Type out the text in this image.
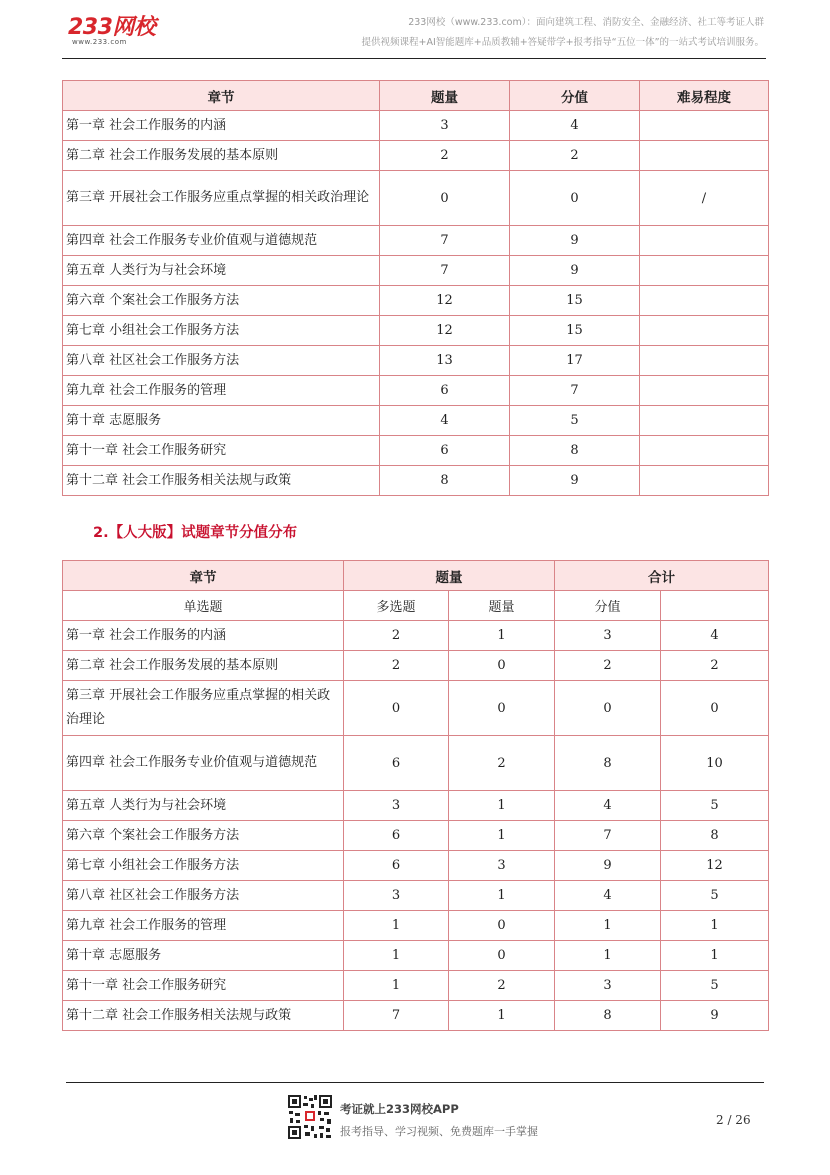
233网校
www.233.com
233网校（www.233.com）：面向建筑工程、消防安全、金融经济、社工等考证人群
提供视频课程+AI智能题库+品质教辅+答疑带学+报考指导“五位一体”的一站式考试培训服务。
章节	题量	分值	难易程度
第一章 社会工作服务的内涵	3	4	
第二章 社会工作服务发展的基本原则	2	2	
第三章 开展社会工作服务应重点掌握的相关政治理论	0	0	/
第四章 社会工作服务专业价值观与道德规范	7	9	
第五章 人类行为与社会环境	7	9	
第六章 个案社会工作服务方法	12	15	
第七章 小组社会工作服务方法	12	15	
第八章 社区社会工作服务方法	13	17	
第九章 社会工作服务的管理	6	7	
第十章 志愿服务	4	5	
第十一章 社会工作服务研究	6	8	
第十二章 社会工作服务相关法规与政策	8	9	
2.【人大版】试题章节分值分布
章节	题量		合计	
单选题	多选题	题量	分值	
第一章 社会工作服务的内涵	2	1	3	4
第二章 社会工作服务发展的基本原则	2	0	2	2
第三章 开展社会工作服务应重点掌握的相关政治理论	0	0	0	0
第四章 社会工作服务专业价值观与道德规范	6	2	8	10
第五章 人类行为与社会环境	3	1	4	5
第六章 个案社会工作服务方法	6	1	7	8
第七章 小组社会工作服务方法	6	3	9	12
第八章 社区社会工作服务方法	3	1	4	5
第九章 社会工作服务的管理	1	0	1	1
第十章 志愿服务	1	0	1	1
第十一章 社会工作服务研究	1	2	3	5
第十二章 社会工作服务相关法规与政策	7	1	8	9
考证就上233网校APP
报考指导、学习视频、免费题库一手掌握
2 / 26
